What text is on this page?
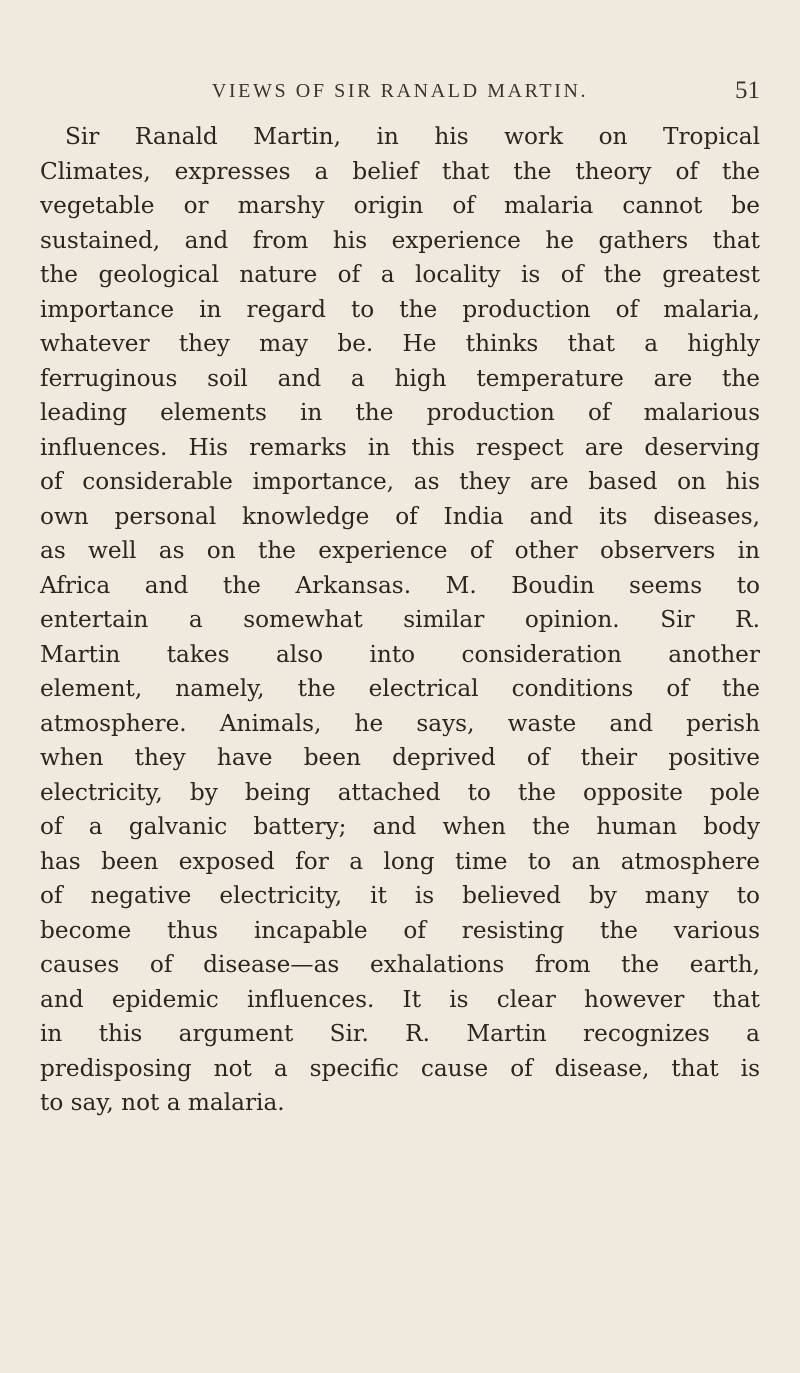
VIEWS OF SIR RANALD MARTIN.	51
Sir Ranald Martin, in his work on Tropical
Climates, expresses a belief that the theory of the
vegetable or marshy origin of malaria cannot be
sustained, and from his experience he gathers that
the geological nature of a locality is of the greatest
importance in regard to the production of malaria,
whatever they may be. He thinks that a highly
ferruginous soil and a high temperature are the
leading elements in the production of malarious
influences. His remarks in this respect are deserving
of considerable importance, as they are based on his
own personal knowledge of India and its diseases,
as well as on the experience of other observers in
Africa and the Arkansas. M. Boudin seems to
entertain a somewhat similar opinion. Sir R.
Martin takes also into consideration another
element, namely, the electrical conditions of the
atmosphere. Animals, he says, waste and perish
when they have been deprived of their positive
electricity, by being attached to the opposite pole
of a galvanic battery; and when the human body
has been exposed for a long time to an atmosphere
of negative electricity, it is believed by many to
become thus incapable of resisting the various
causes of disease—as exhalations from the earth,
and epidemic influences. It is clear however that
in this argument Sir. R. Martin recognizes a
predisposing not a specific cause of disease, that is
to say, not a malaria.
